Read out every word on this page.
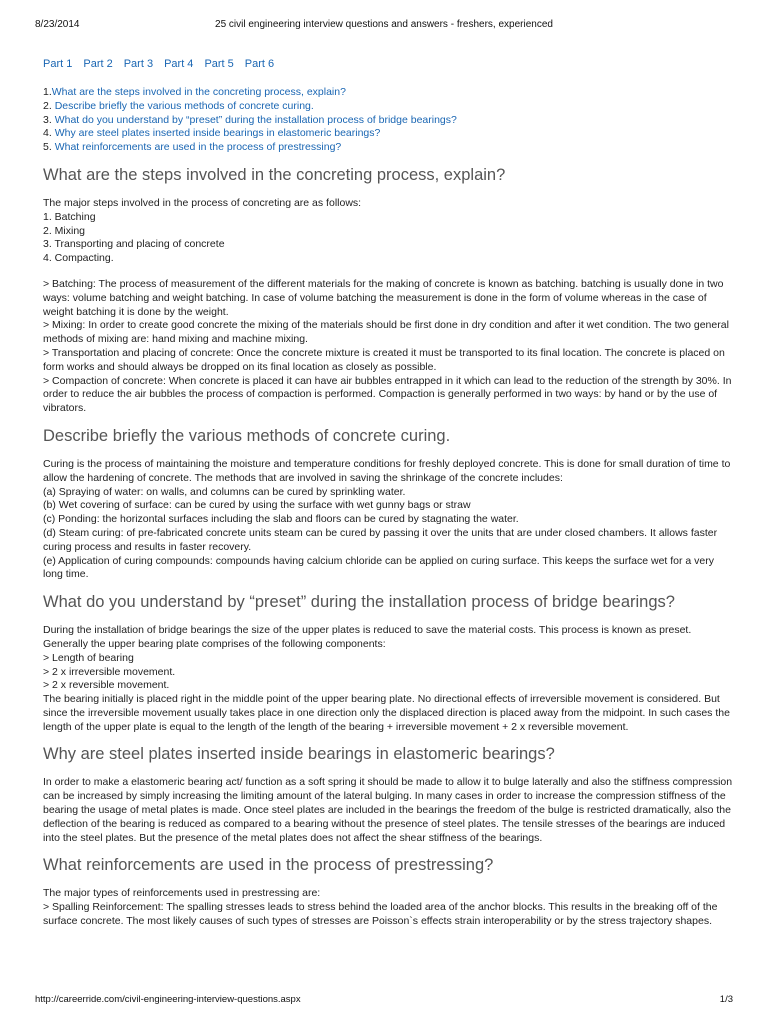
8/23/2014	25 civil engineering interview questions and answers - freshers, experienced
Part 1 Part 2 Part 3 Part 4 Part 5 Part 6
1.What are the steps involved in the concreting process, explain?
2. Describe briefly the various methods of concrete curing.
3. What do you understand by “preset” during the installation process of bridge bearings?
4. Why are steel plates inserted inside bearings in elastomeric bearings?
5. What reinforcements are used in the process of prestressing?
What are the steps involved in the concreting process, explain?

The major steps involved in the process of concreting are as follows:

1. Batching

2. Mixing

3. Transporting and placing of concrete

4. Compacting.

> Batching: The process of measurement of the different materials for the making of concrete is known as batching. batching is usually done in two ways: volume batching and weight batching. In case of volume batching the measurement is done in the form of volume whereas in the case of weight batching it is done by the weight.

> Mixing: In order to create good concrete the mixing of the materials should be first done in dry condition and after it wet condition. The two general methods of mixing are: hand mixing and machine mixing.

> Transportation and placing of concrete: Once the concrete mixture is created it must be transported to its final location. The concrete is placed on form works and should always be dropped on its final location as closely as possible.

> Compaction of concrete: When concrete is placed it can have air bubbles entrapped in it which can lead to the reduction of the strength by 30%. In order to reduce the air bubbles the process of compaction is performed. Compaction is generally performed in two ways: by hand or by the use of vibrators.

Describe briefly the various methods of concrete curing.

Curing is the process of maintaining the moisture and temperature conditions for freshly deployed concrete. This is done for small duration of time to allow the hardening of concrete. The methods that are involved in saving the shrinkage of the concrete includes:

(a) Spraying of water: on walls, and columns can be cured by sprinkling water.

(b) Wet covering of surface: can be cured by using the surface with wet gunny bags or straw

(c) Ponding: the horizontal surfaces including the slab and floors can be cured by stagnating the water.

(d) Steam curing: of pre-fabricated concrete units steam can be cured by passing it over the units that are under closed chambers. It allows faster curing process and results in faster recovery.

(e) Application of curing compounds: compounds having calcium chloride can be applied on curing surface. This keeps the surface wet for a very long time.

What do you understand by “preset” during the installation process of bridge bearings?

During the installation of bridge bearings the size of the upper plates is reduced to save the material costs. This process is known as preset. Generally the upper bearing plate comprises of the following components:

> Length of bearing

> 2 x irreversible movement.

> 2 x reversible movement.

The bearing initially is placed right in the middle point of the upper bearing plate. No directional effects of irreversible movement is considered. But since the irreversible movement usually takes place in one direction only the displaced direction is placed away from the midpoint. In such cases the length of the upper plate is equal to the length of the length of the bearing + irreversible movement + 2 x reversible movement.

Why are steel plates inserted inside bearings in elastomeric bearings?

In order to make a elastomeric bearing act/ function as a soft spring it should be made to allow it to bulge laterally and also the stiffness compression can be increased by simply increasing the limiting amount of the lateral bulging. In many cases in order to increase the compression stiffness of the bearing the usage of metal plates is made. Once steel plates are included in the bearings the freedom of the bulge is restricted dramatically, also the deflection of the bearing is reduced as compared to a bearing without the presence of steel plates. The tensile stresses of the bearings are induced into the steel plates. But the presence of the metal plates does not affect the shear stiffness of the bearings.

What reinforcements are used in the process of prestressing?

The major types of reinforcements used in prestressing are:

> Spalling Reinforcement: The spalling stresses leads to stress behind the loaded area of the anchor blocks. This results in the breaking off of the surface concrete. The most likely causes of such types of stresses are Poisson`s effects strain interoperability or by the stress trajectory shapes.

http://careerride.com/civil-engineering-interview-questions.aspx	1/3
